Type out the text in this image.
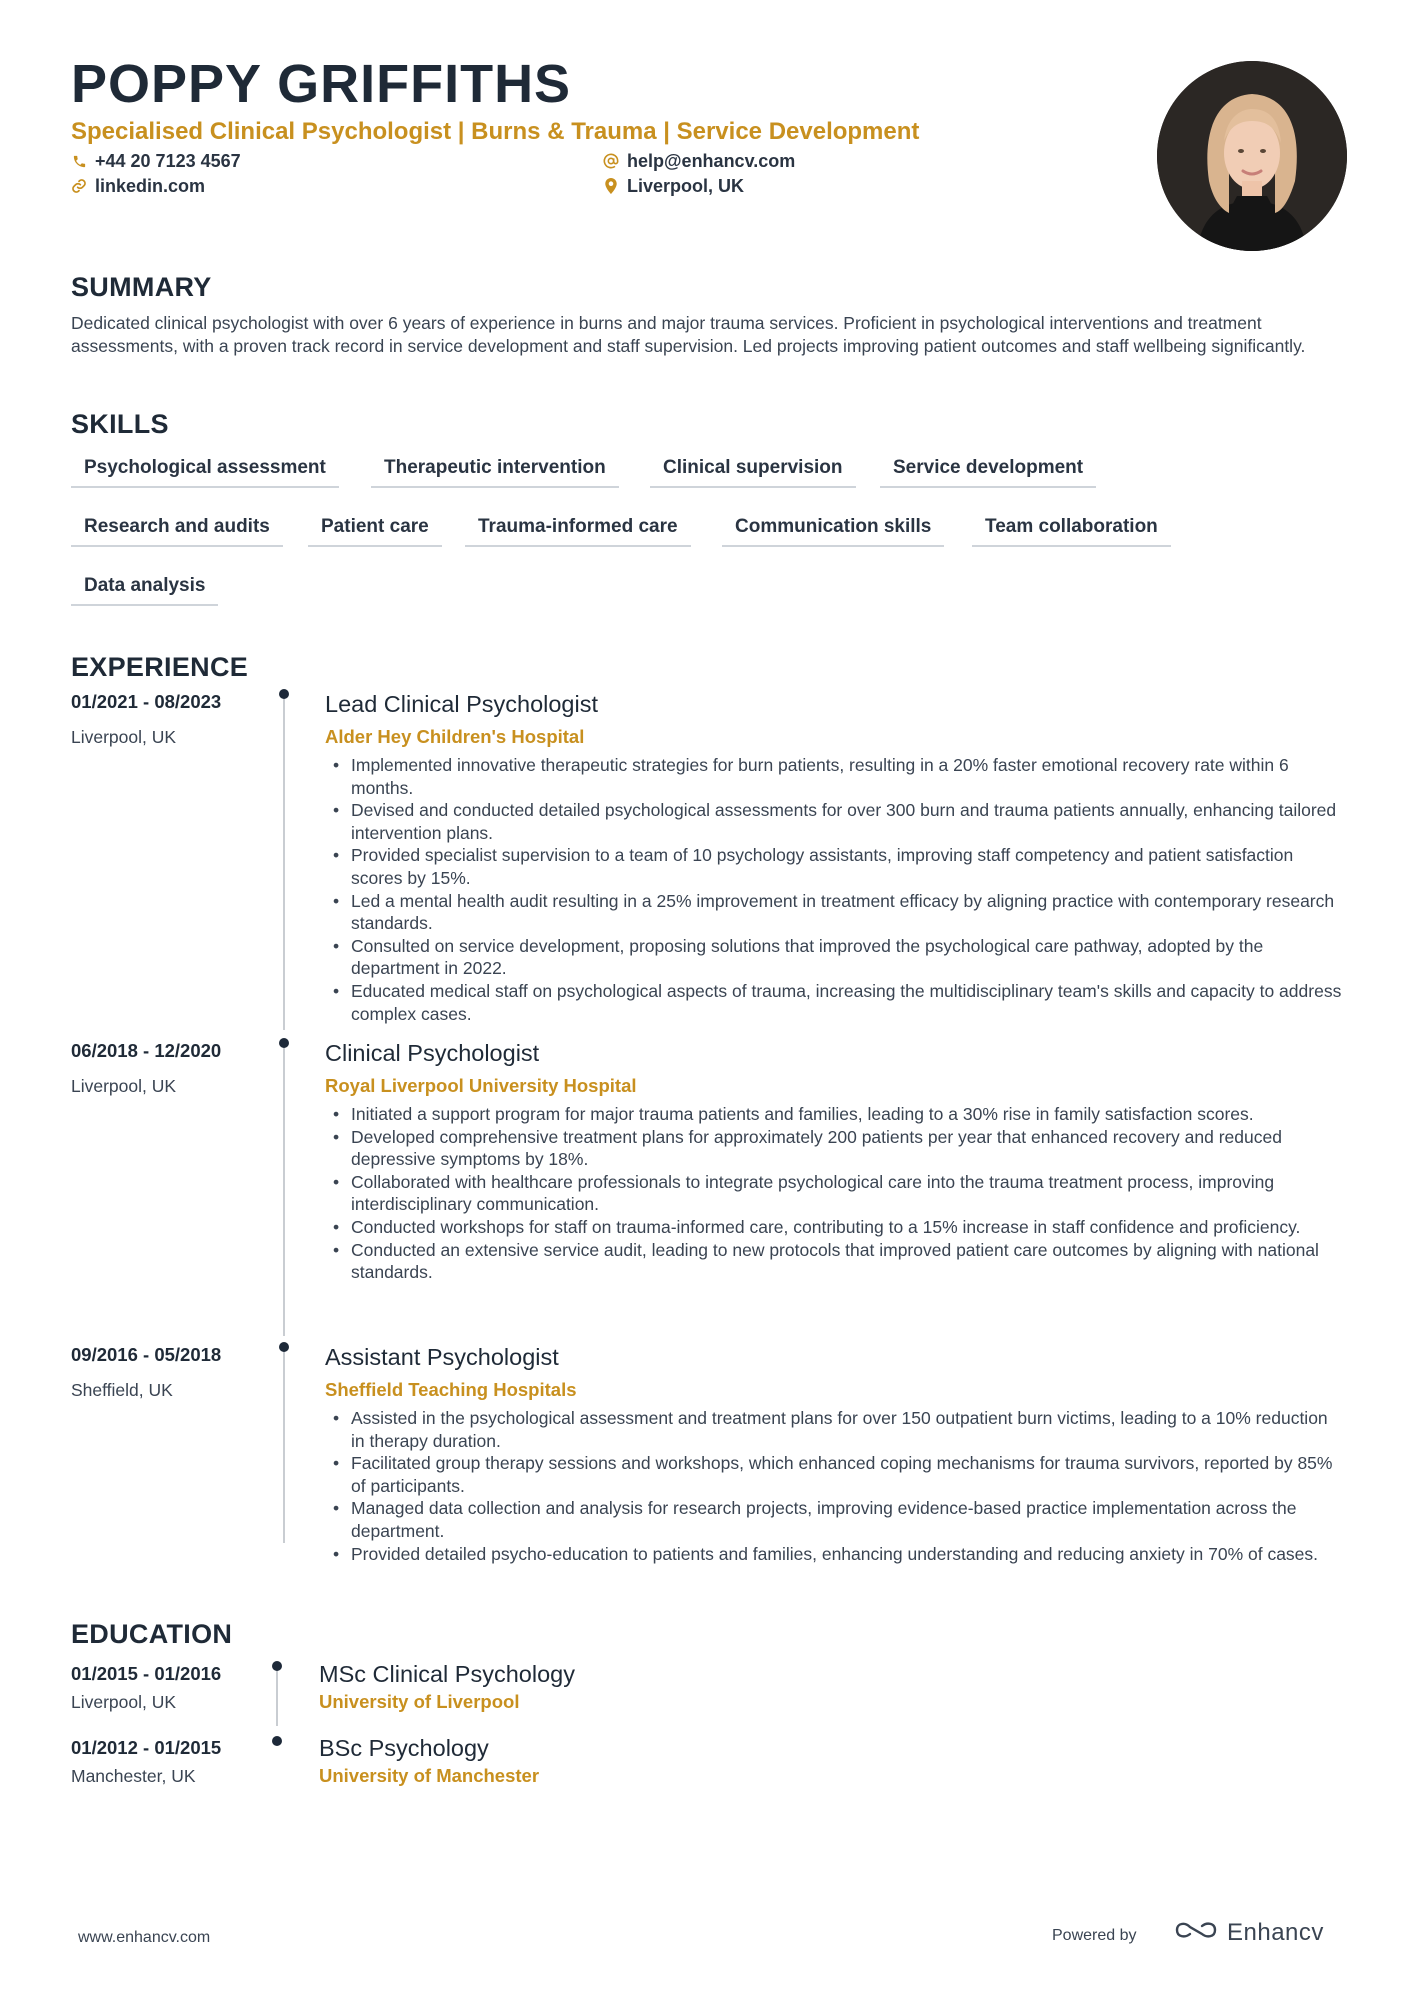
POPPY GRIFFITHS
Specialised Clinical Psychologist | Burns & Trauma | Service Development
+44 20 7123 4567	help@enhancv.com
linkedin.com	Liverpool, UK
SUMMARY
Dedicated clinical psychologist with over 6 years of experience in burns and major trauma services. Proficient in psychological interventions and treatment assessments, with a proven track record in service development and staff supervision. Led projects improving patient outcomes and staff wellbeing significantly.
SKILLS
Psychological assessment	Therapeutic intervention	Clinical supervision	Service development
Research and audits	Patient care	Trauma-informed care	Communication skills	Team collaboration
Data analysis
EXPERIENCE
01/2021 - 08/2023
Liverpool, UK
Lead Clinical Psychologist
Alder Hey Children's Hospital
• Implemented innovative therapeutic strategies for burn patients, resulting in a 20% faster emotional recovery rate within 6 months.
• Devised and conducted detailed psychological assessments for over 300 burn and trauma patients annually, enhancing tailored intervention plans.
• Provided specialist supervision to a team of 10 psychology assistants, improving staff competency and patient satisfaction scores by 15%.
• Led a mental health audit resulting in a 25% improvement in treatment efficacy by aligning practice with contemporary research standards.
• Consulted on service development, proposing solutions that improved the psychological care pathway, adopted by the department in 2022.
• Educated medical staff on psychological aspects of trauma, increasing the multidisciplinary team's skills and capacity to address complex cases.
06/2018 - 12/2020
Liverpool, UK
Clinical Psychologist
Royal Liverpool University Hospital
• Initiated a support program for major trauma patients and families, leading to a 30% rise in family satisfaction scores.
• Developed comprehensive treatment plans for approximately 200 patients per year that enhanced recovery and reduced depressive symptoms by 18%.
• Collaborated with healthcare professionals to integrate psychological care into the trauma treatment process, improving interdisciplinary communication.
• Conducted workshops for staff on trauma-informed care, contributing to a 15% increase in staff confidence and proficiency.
• Conducted an extensive service audit, leading to new protocols that improved patient care outcomes by aligning with national standards.
09/2016 - 05/2018
Sheffield, UK
Assistant Psychologist
Sheffield Teaching Hospitals
• Assisted in the psychological assessment and treatment plans for over 150 outpatient burn victims, leading to a 10% reduction in therapy duration.
• Facilitated group therapy sessions and workshops, which enhanced coping mechanisms for trauma survivors, reported by 85% of participants.
• Managed data collection and analysis for research projects, improving evidence-based practice implementation across the department.
• Provided detailed psycho-education to patients and families, enhancing understanding and reducing anxiety in 70% of cases.
EDUCATION
01/2015 - 01/2016
Liverpool, UK
MSc Clinical Psychology
University of Liverpool
01/2012 - 01/2015
Manchester, UK
BSc Psychology
University of Manchester
www.enhancv.com	Powered by	Enhancv
